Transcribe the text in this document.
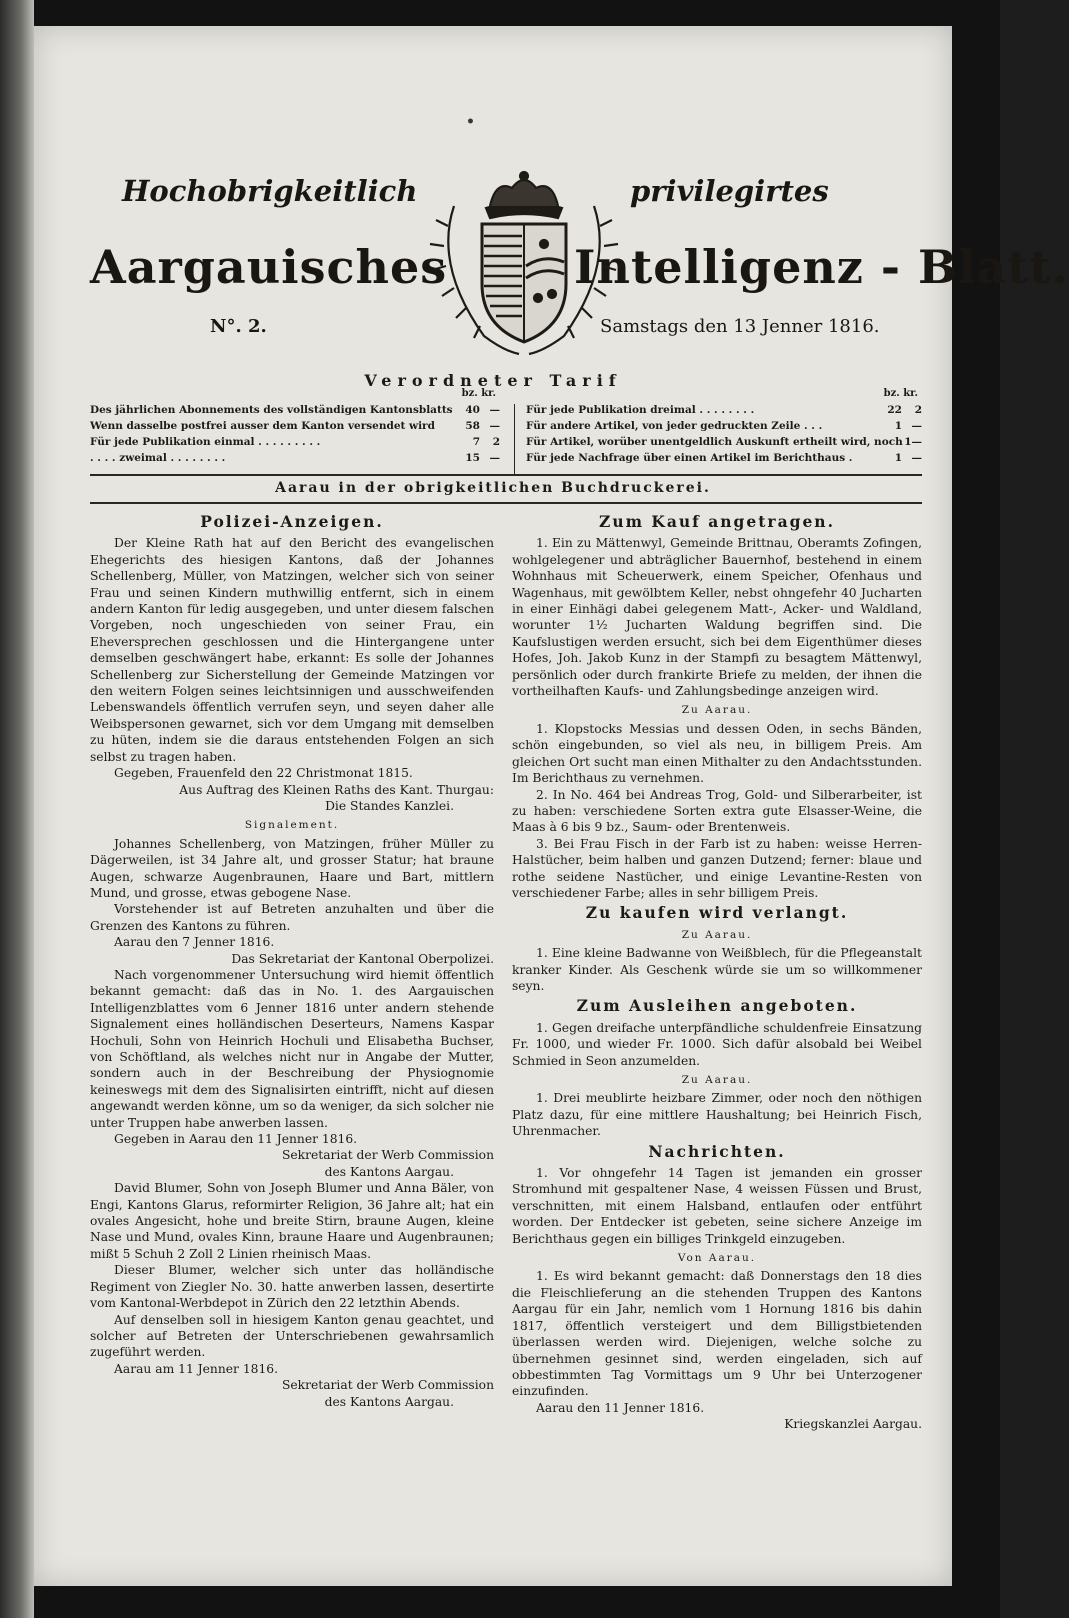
•
Hochobrigkeitlich	privilegirtes
Aargauisches	Intelligenz - Blatt.
N°. 2.	Samstags den 13 Jenner 1816.
Verordneter Tarif
bz. kr.
Des jährlichen Abonnements des vollständigen Kantonsblatts	40 —
Wenn dasselbe postfrei ausser dem Kanton versendet wird	58 —
Für jede Publikation einmal . . . . . . . . .	7	2
. . . . zweimal . . . . . . . .	15 —
bz. kr.
Für jede Publikation dreimal . . . . . . . .	22	2
Für andere Artikel, von jeder gedruckten Zeile . . .	1 —
Für Artikel, worüber unentgeldlich Auskunft ertheilt wird, noch 1 —
Für jede Nachfrage über einen Artikel im Berichthaus .	1 —
Aarau in der obrigkeitlichen Buchdruckerei.
Polizei-Anzeigen.

Der Kleine Rath hat auf den Bericht des evangelischen Ehegerichts des hiesigen Kantons, daß der Johannes Schellenberg, Müller, von Matzingen, welcher sich von seiner Frau und seinen Kindern muthwillig entfernt, sich in einem andern Kanton für ledig ausgegeben, und unter diesem falschen Vorgeben, noch ungeschieden von seiner Frau, ein Eheversprechen geschlossen und die Hintergangene unter demselben geschwängert habe, erkannt: Es solle der Johannes Schellenberg zur Sicherstellung der Gemeinde Matzingen vor den weitern Folgen seines leichtsinnigen und ausschweifenden Lebenswandels öffentlich verrufen seyn, und seyen daher alle Weibspersonen gewarnet, sich vor dem Umgang mit demselben zu hüten, indem sie die daraus entstehenden Folgen an sich selbst zu tragen haben.

Gegeben, Frauenfeld den 22 Christmonat 1815.

Aus Auftrag des Kleinen Raths des Kant. Thurgau:

Die Standes Kanzlei.

Signalement.

Johannes Schellenberg, von Matzingen, früher Müller zu Dägerweilen, ist 34 Jahre alt, und grosser Statur; hat braune Augen, schwarze Augenbraunen, Haare und Bart, mittlern Mund, und grosse, etwas gebogene Nase.

Vorstehender ist auf Betreten anzuhalten und über die Grenzen des Kantons zu führen.

Aarau den 7 Jenner 1816.

Das Sekretariat der Kantonal Oberpolizei.

Nach vorgenommener Untersuchung wird hiemit öffentlich bekannt gemacht: daß das in No. 1. des Aargauischen Intelligenzblattes vom 6 Jenner 1816 unter andern stehende Signalement eines holländischen Deserteurs, Namens Kaspar Hochuli, Sohn von Heinrich Hochuli und Elisabetha Buchser, von Schöftland, als welches nicht nur in Angabe der Mutter, sondern auch in der Beschreibung der Physiognomie keineswegs mit dem des Signalisirten eintrifft, nicht auf diesen angewandt werden könne, um so da weniger, da sich solcher nie unter Truppen habe anwerben lassen.

Gegeben in Aarau den 11 Jenner 1816.

Sekretariat der Werb Commission

des Kantons Aargau.

David Blumer, Sohn von Joseph Blumer und Anna Bäler, von Engi, Kantons Glarus, reformirter Religion, 36 Jahre alt; hat ein ovales Angesicht, hohe und breite Stirn, braune Augen, kleine Nase und Mund, ovales Kinn, braune Haare und Augenbraunen; mißt 5 Schuh 2 Zoll 2 Linien rheinisch Maas.

Dieser Blumer, welcher sich unter das holländische Regiment von Ziegler No. 30. hatte anwerben lassen, desertirte vom Kantonal-Werbdepot in Zürich den 22 letzthin Abends.

Auf denselben soll in hiesigem Kanton genau geachtet, und solcher auf Betreten der Unterschriebenen gewahrsamlich zugeführt werden.

Aarau am 11 Jenner 1816.

Sekretariat der Werb Commission

des Kantons Aargau.

Zum Kauf angetragen.

1. Ein zu Mättenwyl, Gemeinde Brittnau, Oberamts Zofingen, wohlgelegener und abträglicher Bauernhof, bestehend in einem Wohnhaus mit Scheuerwerk, einem Speicher, Ofenhaus und Wagenhaus, mit gewölbtem Keller, nebst ohngefehr 40 Jucharten in einer Einhägi dabei gelegenem Matt-, Acker- und Waldland, worunter 1½ Jucharten Waldung begriffen sind. Die Kaufslustigen werden ersucht, sich bei dem Eigenthümer dieses Hofes, Joh. Jakob Kunz in der Stampfi zu besagtem Mättenwyl, persönlich oder durch frankirte Briefe zu melden, der ihnen die vortheilhaften Kaufs- und Zahlungsbedinge anzeigen wird.

Zu Aarau.

1. Klopstocks Messias und dessen Oden, in sechs Bänden, schön eingebunden, so viel als neu, in billigem Preis. Am gleichen Ort sucht man einen Mithalter zu den Andachtsstunden. Im Berichthaus zu vernehmen.

2. In No. 464 bei Andreas Trog, Gold- und Silberarbeiter, ist zu haben: verschiedene Sorten extra gute Elsasser-Weine, die Maas à 6 bis 9 bz., Saum- oder Brentenweis.

3. Bei Frau Fisch in der Farb ist zu haben: weisse Herren-Halstücher, beim halben und ganzen Dutzend; ferner: blaue und rothe seidene Nastücher, und einige Levantine-Resten von verschiedener Farbe; alles in sehr billigem Preis.

Zu kaufen wird verlangt.
Zu Aarau.

1. Eine kleine Badwanne von Weißblech, für die Pflegeanstalt kranker Kinder. Als Geschenk würde sie um so willkommener seyn.

Zum Ausleihen angeboten.

1. Gegen dreifache unterpfändliche schuldenfreie Einsatzung Fr. 1000, und wieder Fr. 1000. Sich dafür alsobald bei Weibel Schmied in Seon anzumelden.

Zu Aarau.

1. Drei meublirte heizbare Zimmer, oder noch den nöthigen Platz dazu, für eine mittlere Haushaltung; bei Heinrich Fisch, Uhrenmacher.

Nachrichten.

1. Vor ohngefehr 14 Tagen ist jemanden ein grosser Stromhund mit gespaltener Nase, 4 weissen Füssen und Brust, verschnitten, mit einem Halsband, entlaufen oder entführt worden. Der Entdecker ist gebeten, seine sichere Anzeige im Berichthaus gegen ein billiges Trinkgeld einzugeben.

Von Aarau.

1. Es wird bekannt gemacht: daß Donnerstags den 18 dies die Fleischlieferung an die stehenden Truppen des Kantons Aargau für ein Jahr, nemlich vom 1 Hornung 1816 bis dahin 1817, öffentlich versteigert und dem Billigstbietenden überlassen werden wird. Diejenigen, welche solche zu übernehmen gesinnet sind, werden eingeladen, sich auf obbestimmten Tag Vormittags um 9 Uhr bei Unterzogener einzufinden.

Aarau den 11 Jenner 1816.

Kriegskanzlei Aargau.
